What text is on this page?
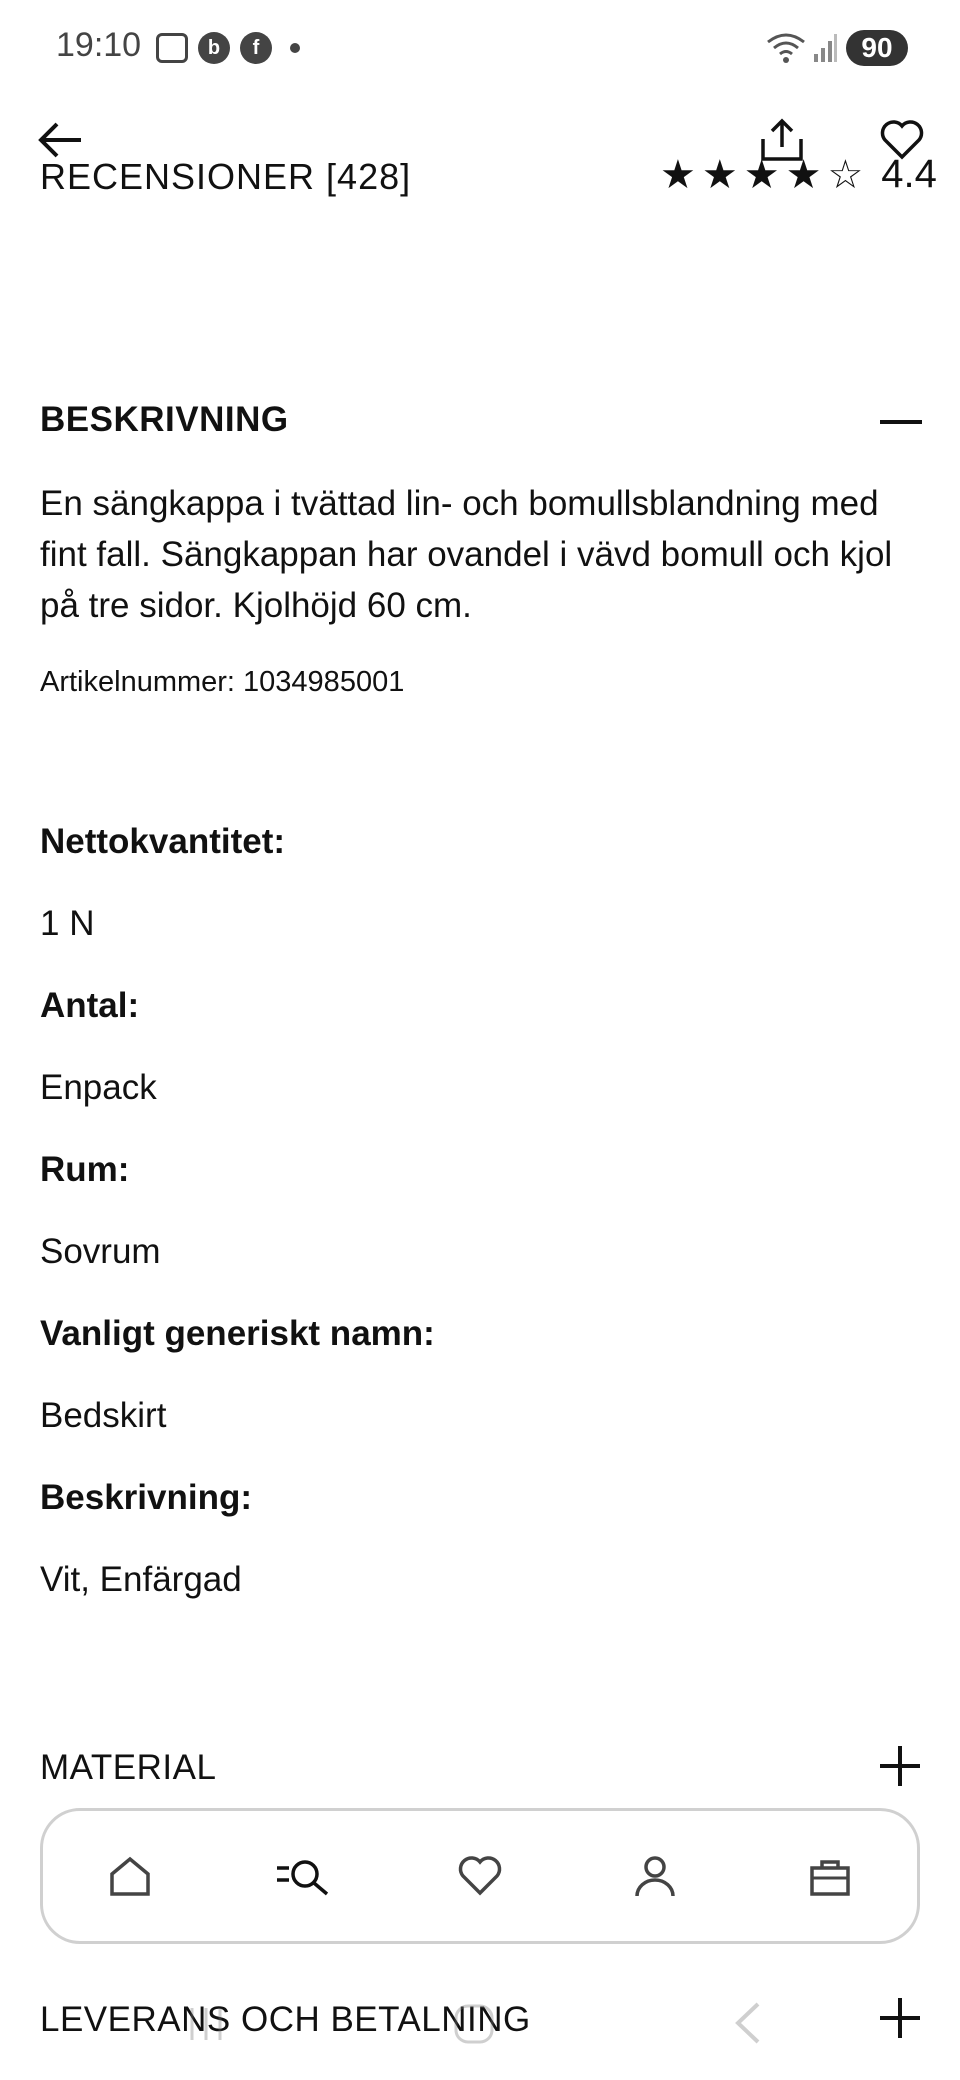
19:10	b	f	90
RECENSIONER [428]	★ ★ ★ ★ ☆ 4.4
BESKRIVNING
En sängkappa i tvättad lin- och bomullsblandning med fint fall. Sängkappan har ovandel i vävd bomull och kjol på tre sidor. Kjolhöjd 60 cm.
Artikelnummer: 1034985001
Nettokvantitet:
1 N
Antal:
Enpack
Rum:
Sovrum
Vanligt generiskt namn:
Bedskirt
Beskrivning:
Vit, Enfärgad
MATERIAL
LEVERANS OCH BETALNING
